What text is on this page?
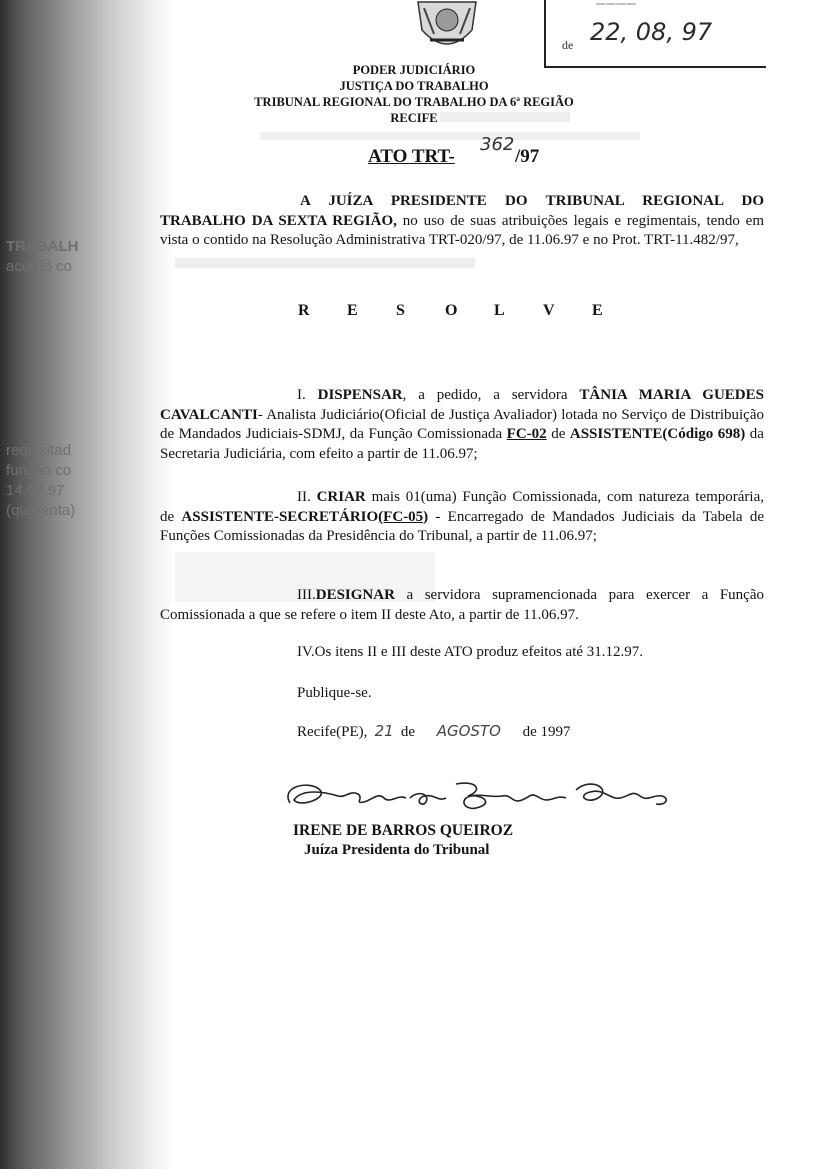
TRABALH
acordo co
requisitad
função co
14.07.97
(quarenta)
────
de 22, 08, 97
PODER JUDICIÁRIO
JUSTIÇA DO TRABALHO
TRIBUNAL REGIONAL DO TRABALHO DA 6ª REGIÃO
RECIFE
ATO TRT-
362
/97
A JUÍZA PRESIDENTE DO TRIBUNAL REGIONAL DO TRABALHO DA SEXTA REGIÃO, no uso de suas atribuições legais e regimentais, tendo em vista o contido na Resolução Administrativa TRT-020/97, de 11.06.97 e no Prot. TRT-11.482/97,
R E S	O L V E
I. DISPENSAR, a pedido, a servidora TÂNIA MARIA GUEDES CAVALCANTI- Analista Judiciário(Oficial de Justiça Avaliador) lotada no Serviço de Distribuição de Mandados Judiciais-SDMJ, da Função Comissionada FC-02 de ASSISTENTE(Código 698) da Secretaria Judiciária, com efeito a partir de 11.06.97;
II. CRIAR mais 01(uma) Função Comissionada, com natureza temporária, de ASSISTENTE-SECRETÁRIO(FC-05) - Encarregado de Mandados Judiciais da Tabela de Funções Comissionadas da Presidência do Tribunal, a partir de 11.06.97;
III.DESIGNAR a servidora supramencionada para exercer a Função Comissionada a que se refere o item II deste Ato, a partir de 11.06.97.
IV.Os itens II e III deste ATO produz efeitos até 31.12.97.
Publique-se.
Recife(PE), 21 de AGOSTO de 1997
IRENE DE BARROS QUEIROZ
Juíza Presidenta do Tribunal
